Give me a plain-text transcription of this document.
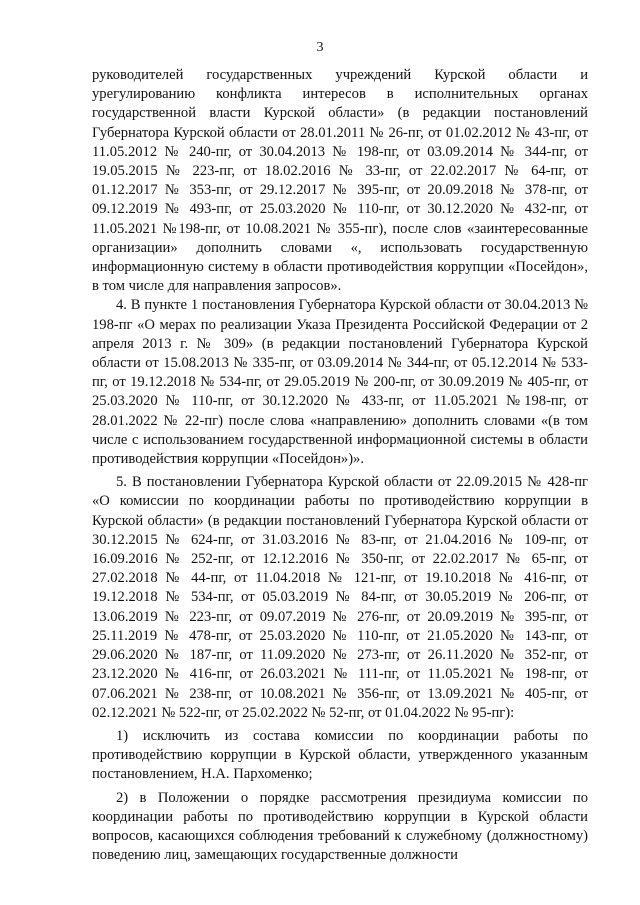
3

руководителей государственных учреждений Курской области и урегулированию конфликта интересов в исполнительных органах государственной власти Курской области» (в редакции постановлений Губернатора Курской области от 28.01.2011 № 26-пг, от 01.02.2012 № 43-пг, от 11.05.2012 № 240-пг, от 30.04.2013 № 198-пг, от 03.09.2014 № 344-пг, от 19.05.2015 № 223-пг, от 18.02.2016 № 33-пг, от 22.02.2017 № 64-пг, от 01.12.2017 № 353-пг, от 29.12.2017 № 395-пг, от 20.09.2018 № 378-пг, от 09.12.2019 № 493-пг, от 25.03.2020 № 110-пг, от 30.12.2020 № 432-пг, от 11.05.2021 №198-пг, от 10.08.2021 № 355-пг), после слов «заинтересованные организации» дополнить словами «, использовать государственную информационную систему в области противодействия коррупции «Посейдон», в том числе для направления запросов».

4. В пункте 1 постановления Губернатора Курской области от 30.04.2013 № 198-пг «О мерах по реализации Указа Президента Российской Федерации от 2 апреля 2013 г. № 309» (в редакции постановлений Губернатора Курской области от 15.08.2013 № 335-пг, от 03.09.2014 № 344-пг, от 05.12.2014 № 533-пг, от 19.12.2018 № 534-пг, от 29.05.2019 № 200-пг, от 30.09.2019 № 405-пг, от 25.03.2020 № 110-пг, от 30.12.2020 № 433-пг, от 11.05.2021 №198-пг, от 28.01.2022 № 22-пг) после слова «направлению» дополнить словами «(в том числе с использованием государственной информационной системы в области противодействия коррупции «Посейдон»)».

5. В постановлении Губернатора Курской области от 22.09.2015 № 428-пг «О комиссии по координации работы по противодействию коррупции в Курской области» (в редакции постановлений Губернатора Курской области от 30.12.2015 № 624-пг, от 31.03.2016 № 83-пг, от 21.04.2016 № 109-пг, от 16.09.2016 № 252-пг, от 12.12.2016 № 350-пг, от 22.02.2017 № 65-пг, от 27.02.2018 № 44-пг, от 11.04.2018 № 121-пг, от 19.10.2018 № 416-пг, от 19.12.2018 № 534-пг, от 05.03.2019 № 84-пг, от 30.05.2019 № 206-пг, от 13.06.2019 № 223-пг, от 09.07.2019 № 276-пг, от 20.09.2019 № 395-пг, от 25.11.2019 № 478-пг, от 25.03.2020 № 110-пг, от 21.05.2020 № 143-пг, от 29.06.2020 № 187-пг, от 11.09.2020 № 273-пг, от 26.11.2020 № 352-пг, от 23.12.2020 № 416-пг, от 26.03.2021 № 111-пг, от 11.05.2021 № 198-пг, от 07.06.2021 № 238-пг, от 10.08.2021 № 356-пг, от 13.09.2021 № 405-пг, от 02.12.2021 № 522-пг, от 25.02.2022 № 52-пг, от 01.04.2022 № 95-пг):

1) исключить из состава комиссии по координации работы по противодействию коррупции в Курской области, утвержденного указанным постановлением, Н.А. Пархоменко;

2) в Положении о порядке рассмотрения президиума комиссии по координации работы по противодействию коррупции в Курской области вопросов, касающихся соблюдения требований к служебному (должностному) поведению лиц, замещающих государственные должности
